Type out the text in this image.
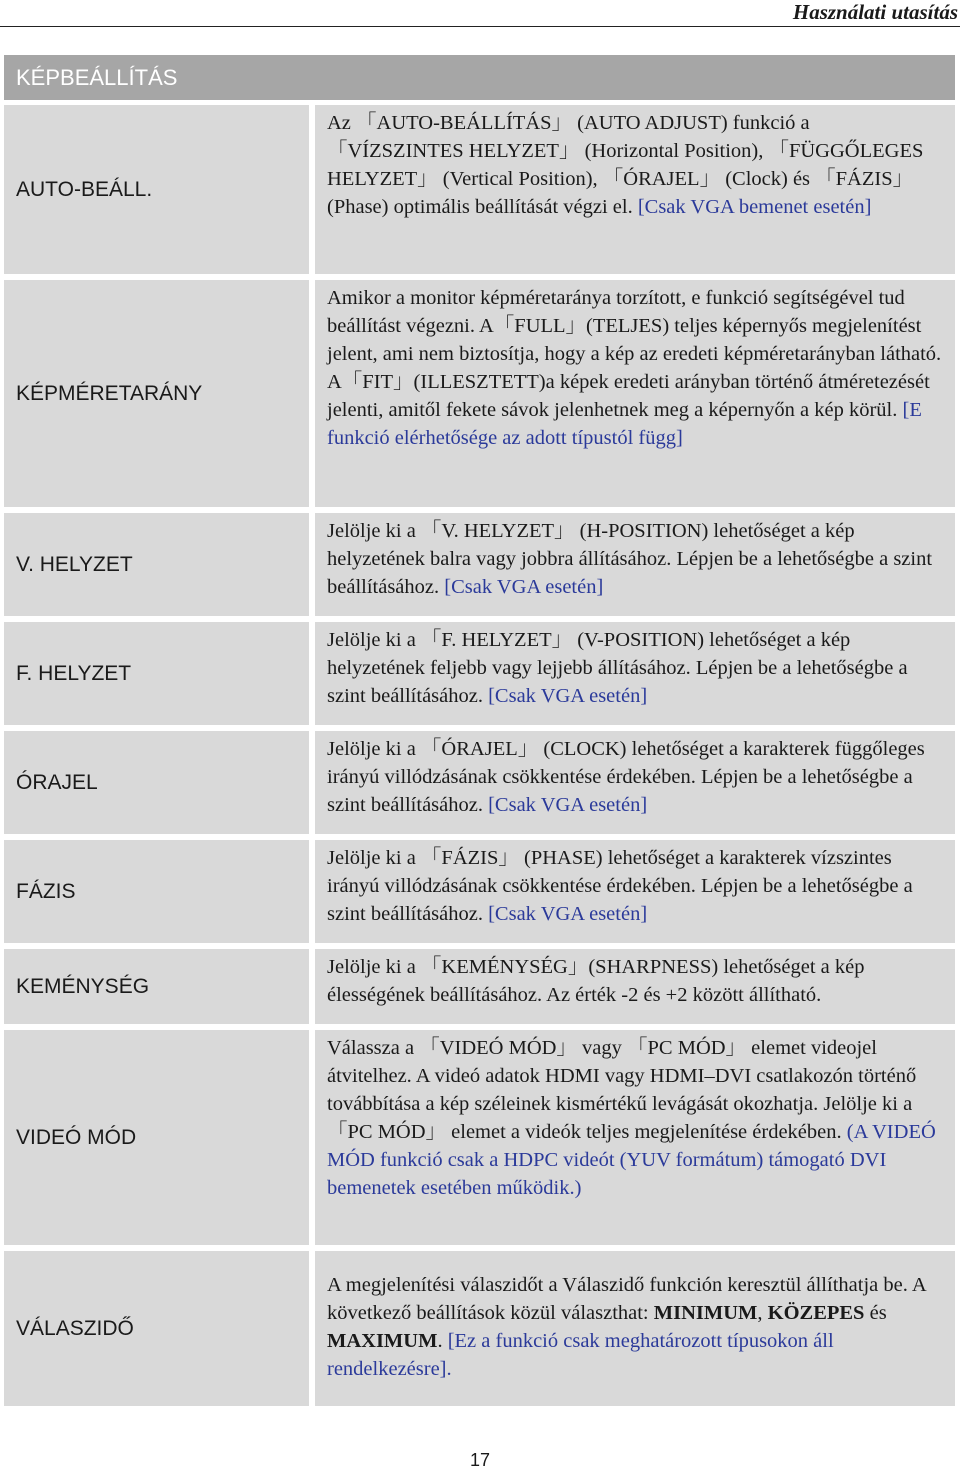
Használati utasítás
KÉPBEÁLLÍTÁS
AUTO-BEÁLL.
Az 「AUTO-BEÁLLÍTÁS」 (AUTO ADJUST) funkció a 「VÍZSZINTES HELYZET」 (Horizontal Position), 「FÜGGŐLEGES HELYZET」 (Vertical Position), 「ÓRAJEL」 (Clock) és 「FÁZIS」(Phase) optimális beállítását végzi el. [Csak VGA bemenet esetén]
KÉPMÉRETARÁNY
Amikor a monitor képméretaránya torzított, e funkció segítségével tud beállítást végezni. A「FULL」(TELJES) teljes képernyős megjelenítést jelent, ami nem biztosítja, hogy a kép az eredeti képméretarányban látható. A「FIT」(ILLESZTETT)a képek eredeti arányban történő átméretezését jelenti, amitől fekete sávok jelenhetnek meg a képernyőn a kép körül. [E funkció elérhetősége az adott típustól függ]
V. HELYZET
Jelölje ki a 「V. HELYZET」 (H-POSITION) lehetőséget a kép helyzetének balra vagy jobbra állításához. Lépjen be a lehetőségbe a szint beállításához. [Csak VGA esetén]
F. HELYZET
Jelölje ki a 「F. HELYZET」 (V-POSITION) lehetőséget a kép helyzetének feljebb vagy lejjebb állításához. Lépjen be a lehetőségbe a szint beállításához. [Csak VGA esetén]
ÓRAJEL
Jelölje ki a 「ÓRAJEL」 (CLOCK) lehetőséget a karakterek függőleges irányú villódzásának csökkentése érdekében. Lépjen be a lehetőségbe a szint beállításához. [Csak VGA esetén]
FÁZIS
Jelölje ki a 「FÁZIS」 (PHASE) lehetőséget a karakterek vízszintes irányú villódzásának csökkentése érdekében. Lépjen be a lehetőségbe a szint beállításához. [Csak VGA esetén]
KEMÉNYSÉG
Jelölje ki a 「KEMÉNYSÉG」(SHARPNESS) lehetőséget a kép élességének beállításához. Az érték -2 és +2 között állítható.
VIDEÓ MÓD
Válassza a 「VIDEÓ MÓD」 vagy 「PC MÓD」 elemet videojel átvitelhez. A videó adatok HDMI vagy HDMI–DVI csatlakozón történő továbbítása a kép széleinek kismértékű levágását okozhatja. Jelölje ki a 「PC MÓD」 elemet a videók teljes megjelenítése érdekében. (A VIDEÓ MÓD funkció csak a HDPC videót (YUV formátum) támogató DVI bemenetek esetében működik.)
VÁLASZIDŐ
A megjelenítési válaszidőt a Válaszidő funkción keresztül állíthatja be. A következő beállítások közül választhat: MINIMUM, KÖZEPES és MAXIMUM. [Ez a funkció csak meghatározott típusokon áll rendelkezésre].
17
